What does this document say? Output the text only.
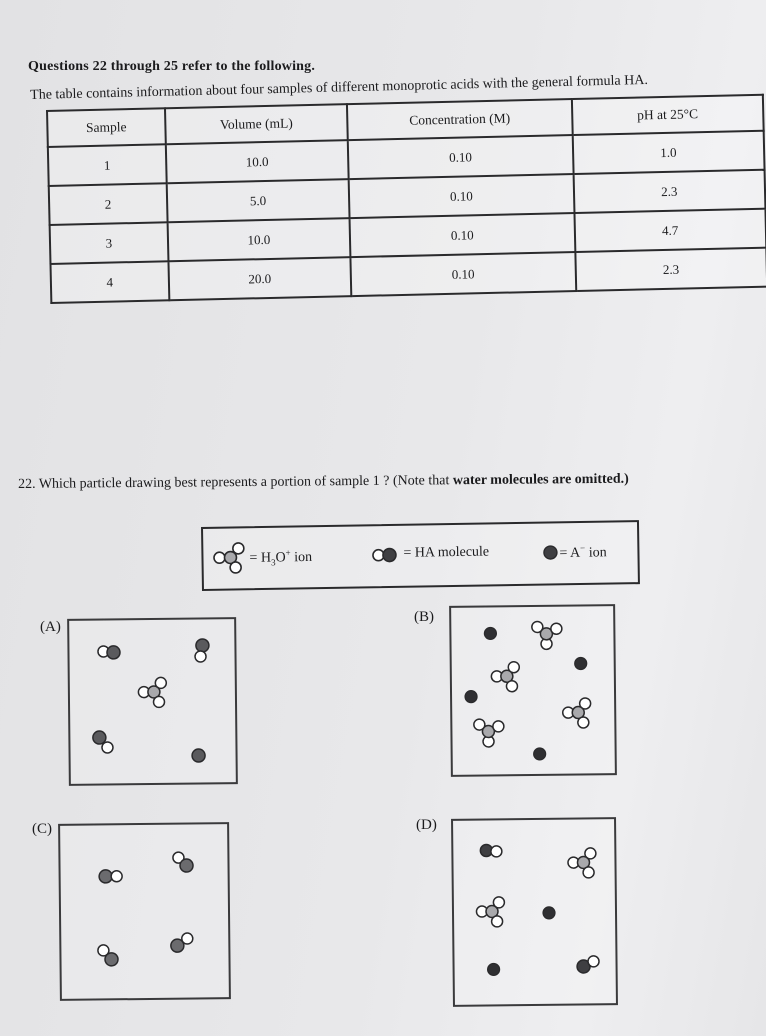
Questions 22 through 25 refer to the following.
The table contains information about four samples of different monoprotic acids with the general formula HA.
Sample	Volume (mL)	Concentration (M)	pH at 25°C
1	10.0	0.10	1.0
2	5.0	0.10	2.3
3	10.0	0.10	4.7
4	20.0	0.10	2.3
22. Which particle drawing best represents a portion of sample 1 ? (Note that water molecules are omitted.)
= $H_3O^+$ ion	= HA molecule	= A− ion
(A)
(B)
(C)	(D)
